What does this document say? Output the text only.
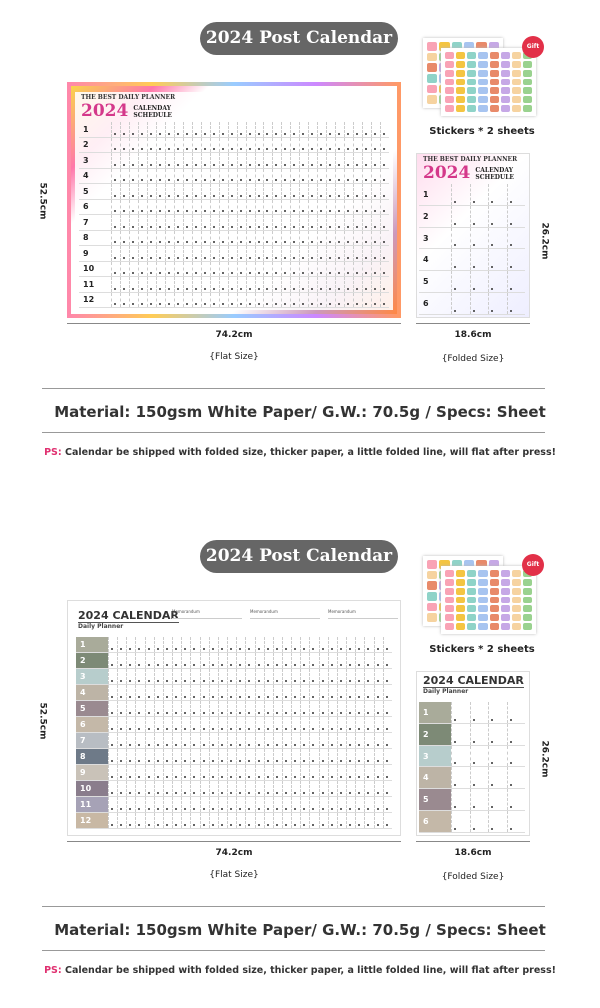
2024 Post Calendar
THE BEST DAILY PLANNER
2024 CALENDAY SCHEDULE
1
2
3
4
5
6
7
8
9
10
11
12
52.5cm
74.2cm
{Flat Size}
Gift
Stickers * 2 sheets
THE BEST DAILY PLANNER
2024 CALENDAY SCHEDULE
1
2
3
4
5
6
26.2cm
18.6cm
{Folded Size}
Material: 150gsm White Paper/ G.W.: 70.5g / Specs: Sheet
PS: Calendar be shipped with folded size, thicker paper, a little folded line, will flat after press!
2024 Post Calendar
2024 CALENDAR
Daily Planner
Memorandum	Memorandum	Memorandum
1
2
3
4
5
6
7
8
9
10
11
12
52.5cm
74.2cm
{Flat Size}
Gift
Stickers * 2 sheets
2024 CALENDAR
Daily Planner
1
2
3
4
5
6
26.2cm
18.6cm
{Folded Size}
Material: 150gsm White Paper/ G.W.: 70.5g / Specs: Sheet
PS: Calendar be shipped with folded size, thicker paper, a little folded line, will flat after press!
